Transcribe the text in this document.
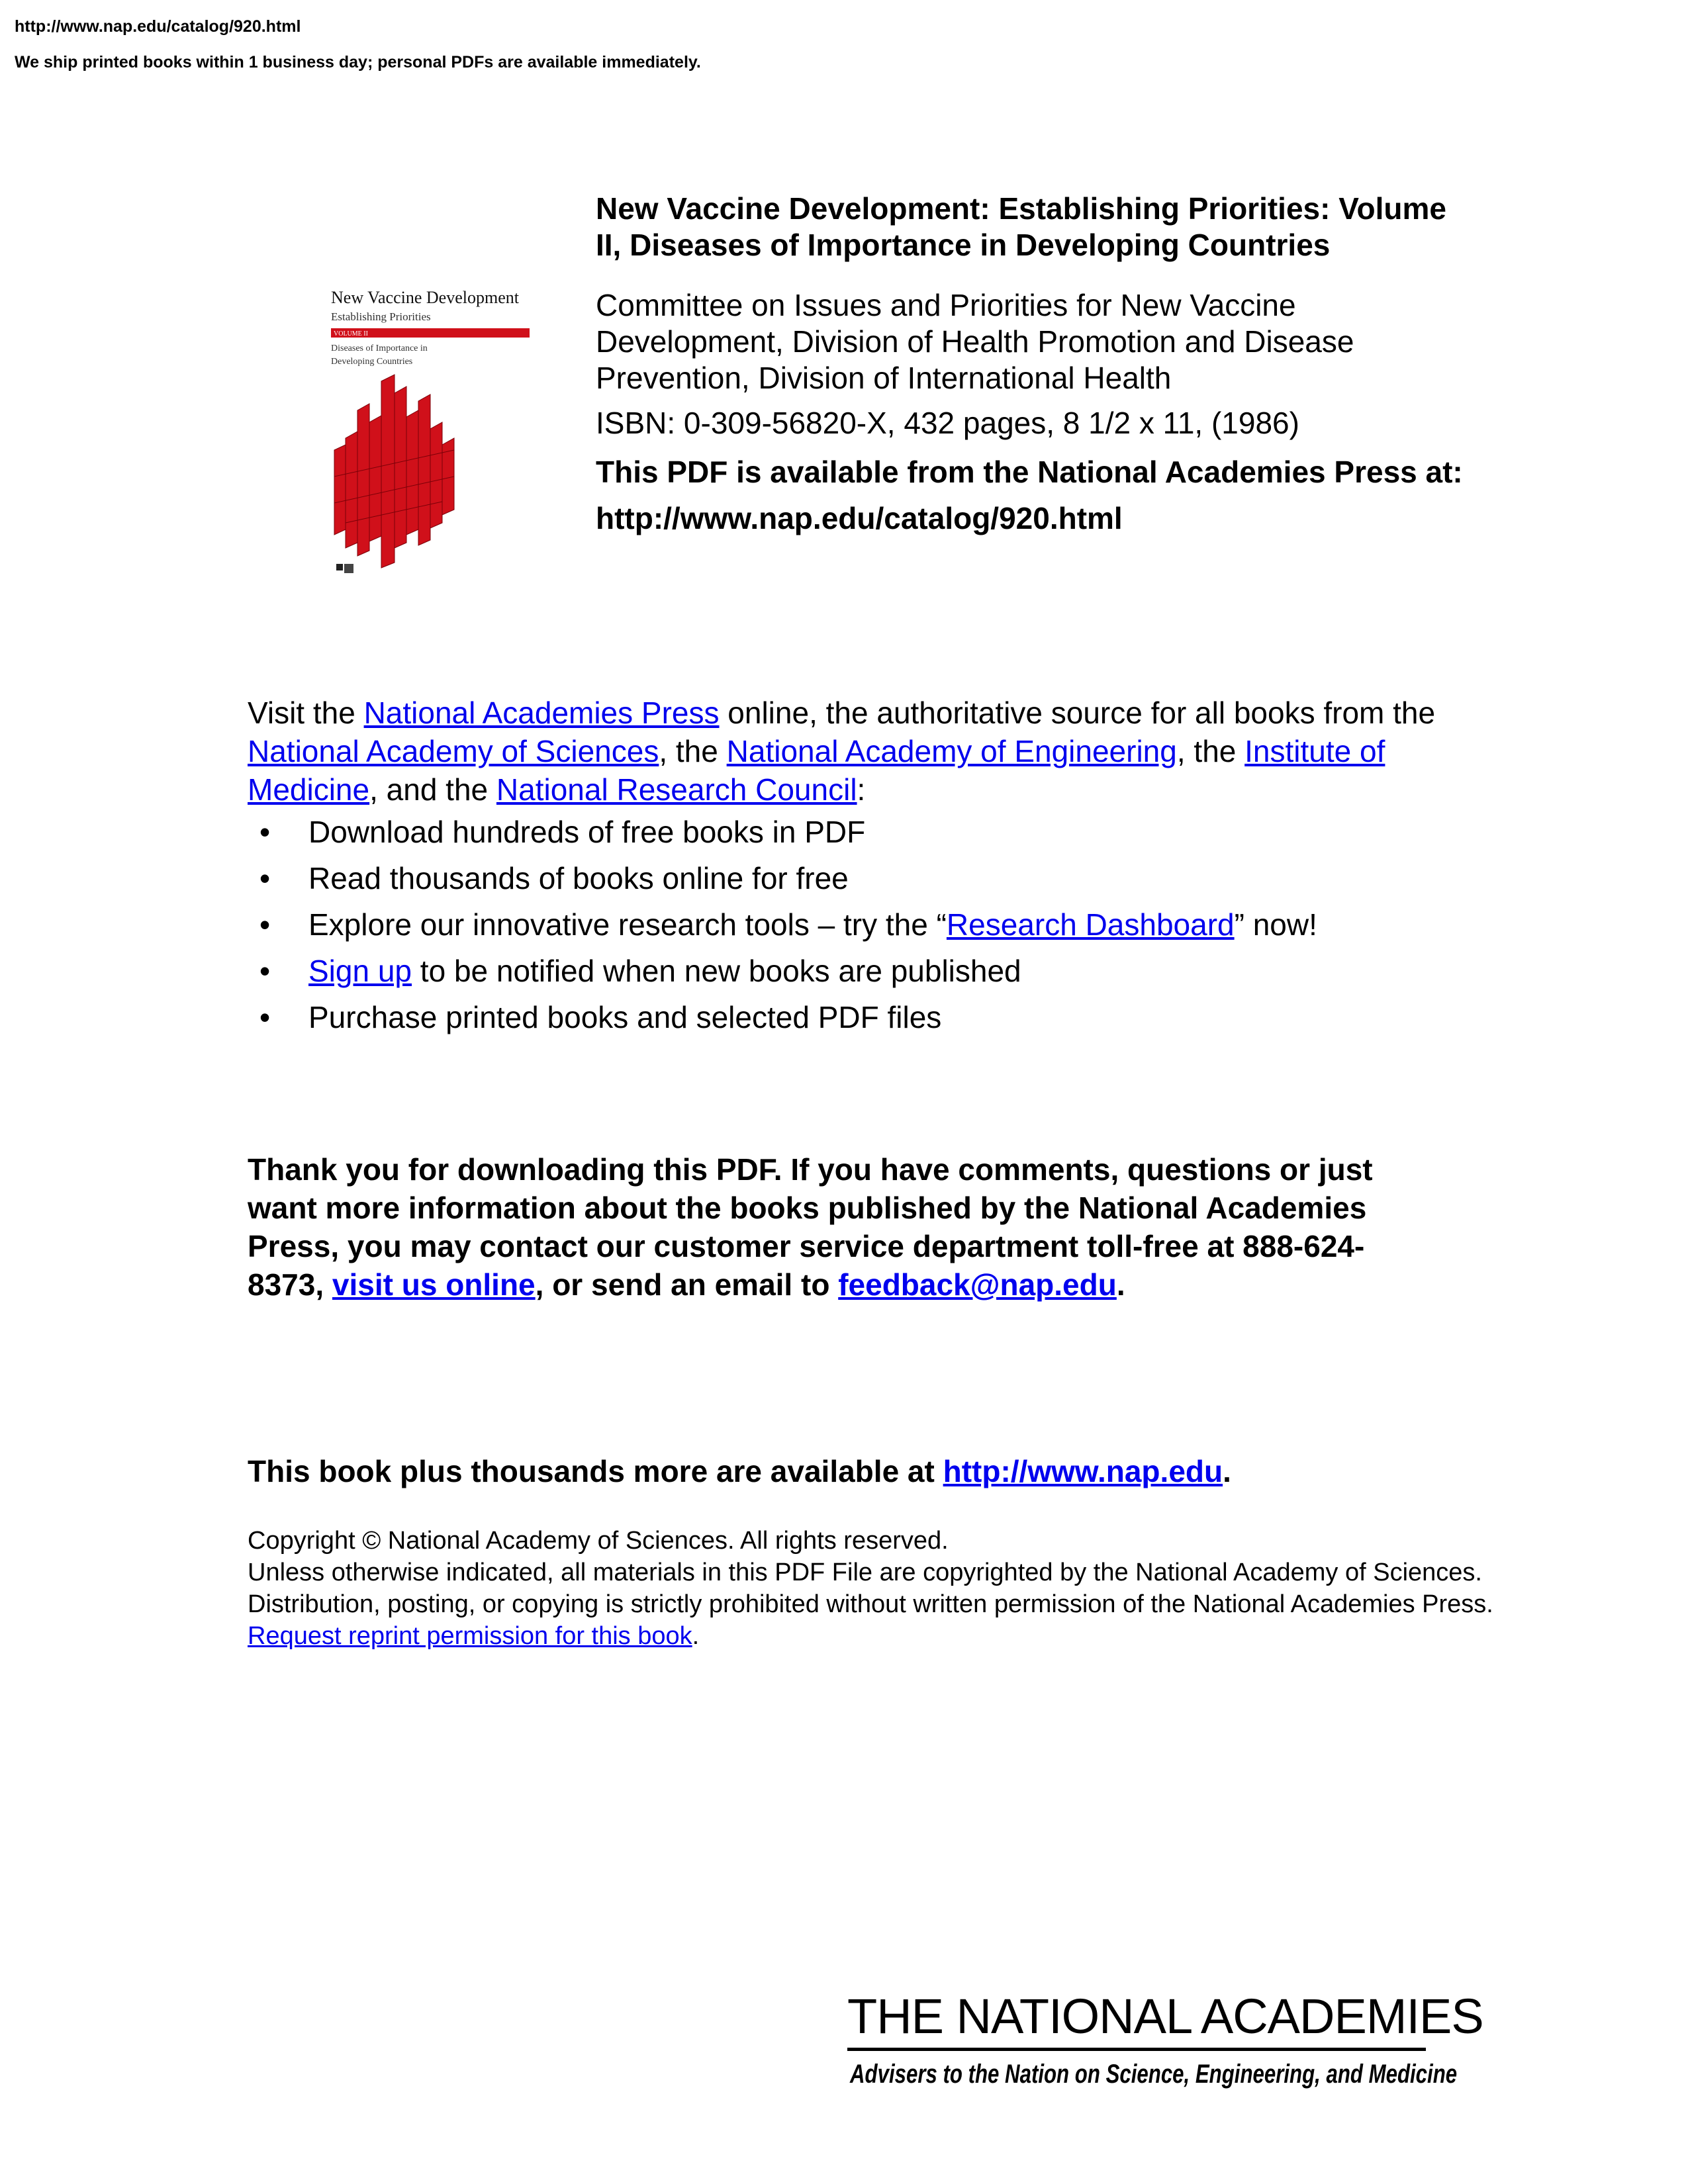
http://www.nap.edu/catalog/920.html
We ship printed books within 1 business day; personal PDFs are available immediately.
New Vaccine Development
Establishing Priorities
VOLUME II
Diseases of Importance in
Developing Countries
New Vaccine Development: Establishing Priorities: Volume II, Diseases of Importance in Developing Countries
Committee on Issues and Priorities for New Vaccine Development, Division of Health Promotion and Disease Prevention, Division of International Health
ISBN: 0-309-56820-X, 432 pages, 8 1/2 x 11, (1986)
This PDF is available from the National Academies Press at:
http://www.nap.edu/catalog/920.html
Visit the National Academies Press online, the authoritative source for all books from the National Academy of Sciences, the National Academy of Engineering, the Institute of Medicine, and the National Research Council:
• Download hundreds of free books in PDF
• Read thousands of books online for free
• Explore our innovative research tools – try the “Research Dashboard” now!
• Sign up to be notified when new books are published
• Purchase printed books and selected PDF files
Thank you for downloading this PDF. If you have comments, questions or just want more information about the books published by the National Academies Press, you may contact our customer service department toll-free at 888-624-8373, visit us online, or send an email to feedback@nap.edu.
This book plus thousands more are available at http://www.nap.edu.
Copyright © National Academy of Sciences. All rights reserved.
Unless otherwise indicated, all materials in this PDF File are copyrighted by the National Academy of Sciences. Distribution, posting, or copying is strictly prohibited without written permission of the National Academies Press. Request reprint permission for this book.
THE NATIONAL ACADEMIES
Advisers to the Nation on Science, Engineering, and Medicine
